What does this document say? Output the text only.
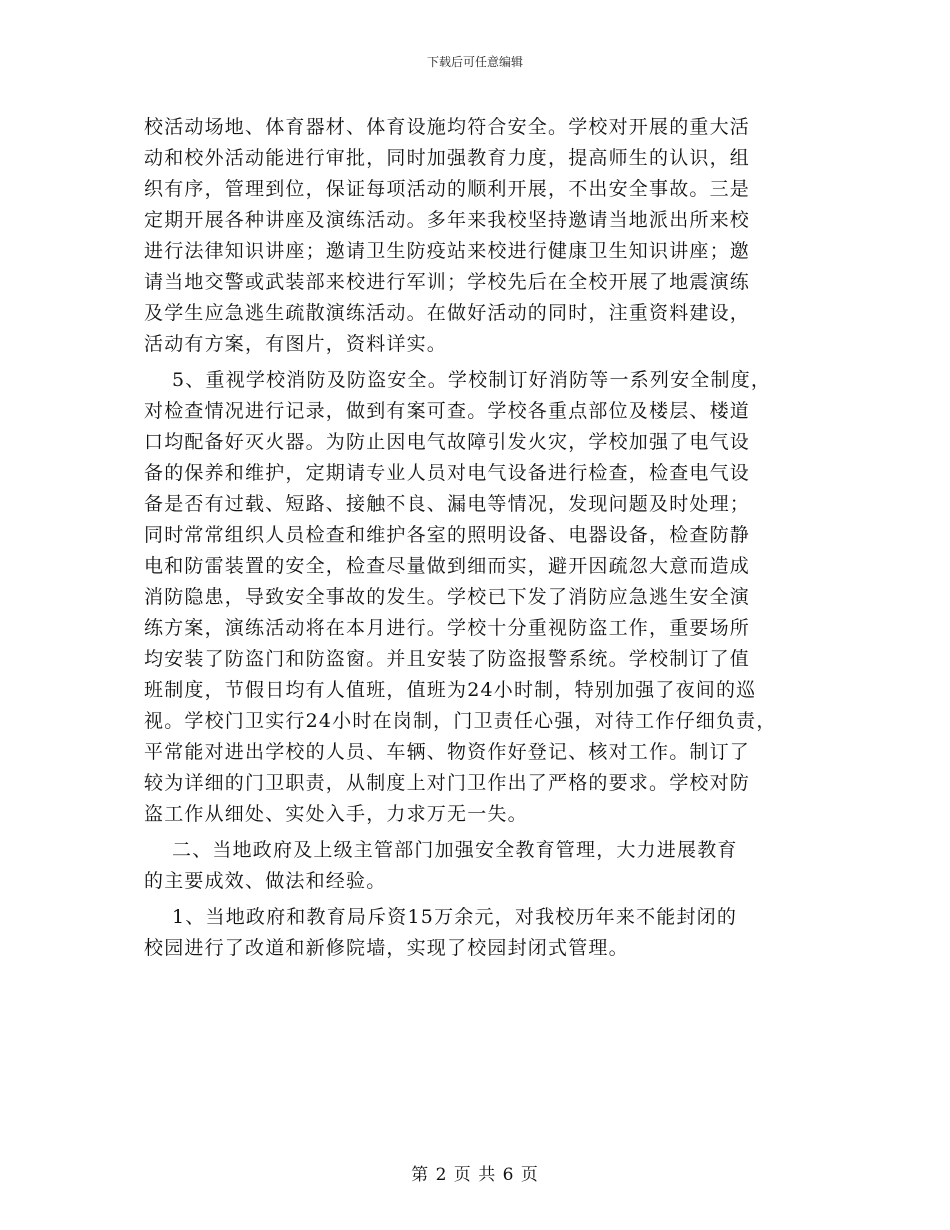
下载后可任意编辑
校活动场地、体育器材、体育设施均符合安全。学校对开展的重大活
动和校外活动能进行审批，同时加强教育力度，提高师生的认识，组
织有序，管理到位，保证每项活动的顺利开展，不出安全事故。三是
定期开展各种讲座及演练活动。多年来我校坚持邀请当地派出所来校
进行法律知识讲座；邀请卫生防疫站来校进行健康卫生知识讲座；邀
请当地交警或武装部来校进行军训；学校先后在全校开展了地震演练
及学生应急逃生疏散演练活动。在做好活动的同时，注重资料建设，
活动有方案，有图片，资料详实。
5、重视学校消防及防盗安全。学校制订好消防等一系列安全制度，
对检查情况进行记录，做到有案可查。学校各重点部位及楼层、楼道
口均配备好灭火器。为防止因电气故障引发火灾，学校加强了电气设
备的保养和维护，定期请专业人员对电气设备进行检查，检查电气设
备是否有过载、短路、接触不良、漏电等情况，发现问题及时处理；
同时常常组织人员检查和维护各室的照明设备、电器设备，检查防静
电和防雷装置的安全，检查尽量做到细而实，避开因疏忽大意而造成
消防隐患，导致安全事故的发生。学校已下发了消防应急逃生安全演
练方案，演练活动将在本月进行。学校十分重视防盗工作，重要场所
均安装了防盗门和防盗窗。并且安装了防盗报警系统。学校制订了值
班制度，节假日均有人值班，值班为24小时制，特别加强了夜间的巡
视。学校门卫实行24小时在岗制，门卫责任心强，对待工作仔细负责，
平常能对进出学校的人员、车辆、物资作好登记、核对工作。制订了
较为详细的门卫职责，从制度上对门卫作出了严格的要求。学校对防
盗工作从细处、实处入手，力求万无一失。
二、当地政府及上级主管部门加强安全教育管理，大力进展教育
的主要成效、做法和经验。
1、当地政府和教育局斥资15万余元，对我校历年来不能封闭的
校园进行了改道和新修院墙，实现了校园封闭式管理。
第 2 页 共 6 页
